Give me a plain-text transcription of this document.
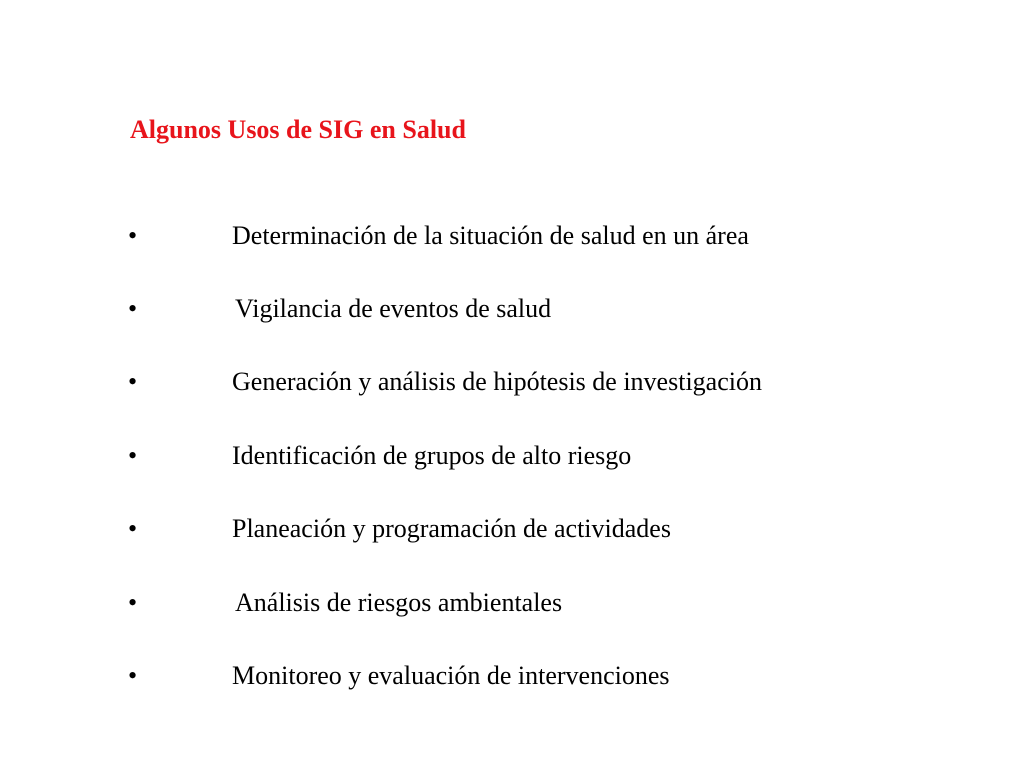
Algunos Usos de SIG en Salud
•	Determinación de la situación de salud en un área
•	Vigilancia de eventos de salud
•	Generación y análisis de hipótesis de investigación
•	Identificación de grupos de alto riesgo
•	Planeación y programación de actividades
•	Análisis de riesgos ambientales
•	Monitoreo y evaluación de intervenciones
